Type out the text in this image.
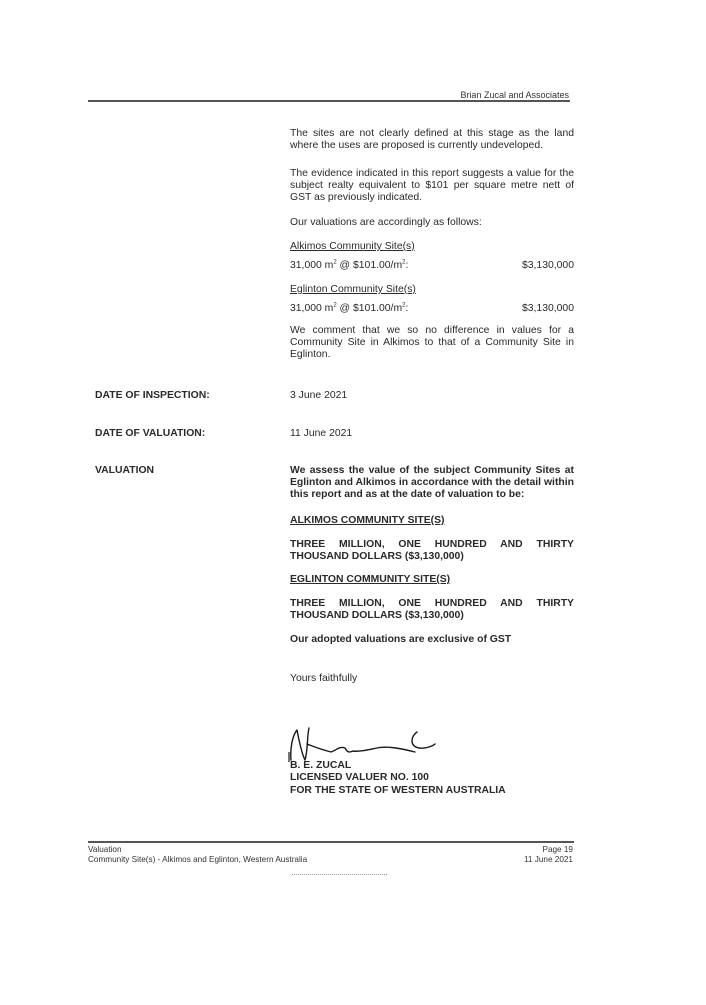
Brian Zucal and Associates

The sites are not clearly defined at this stage as the land where the uses are proposed is currently undeveloped.

The evidence indicated in this report suggests a value for the subject realty equivalent to $101 per square metre nett of GST as previously indicated.

Our valuations are accordingly as follows:

Alkimos Community Site(s)
31,000 $m^2$ @ $\$101.00/m^2$:	$3,130,000
Eglinton Community Site(s)
31,000 $m^2$ @ $\$101.00/m^2$:	$3,130,000

We comment that we so no difference in values for a Community Site in Alkimos to that of a Community Site in Eglinton.

DATE OF INSPECTION:	3 June 2021
DATE OF VALUATION:	11 June 2021
VALUATION	We assess the value of the subject Community Sites at Eglinton and Alkimos in accordance with the detail within this report and as at the date of valuation to be:

ALKIMOS COMMUNITY SITE(S)

THREE MILLION, ONE HUNDRED AND THIRTY THOUSAND DOLLARS ($3,130,000)

EGLINTON COMMUNITY SITE(S)

THREE MILLION, ONE HUNDRED AND THIRTY THOUSAND DOLLARS ($3,130,000)

Our adopted valuations are exclusive of GST
Yours faithfully
B. E. ZUCAL
LICENSED VALUER NO. 100
FOR THE STATE OF WESTERN AUSTRALIA
Valuation
Community Site(s) - Alkimos and Eglinton, Western Australia
Page 19
11 June 2021
